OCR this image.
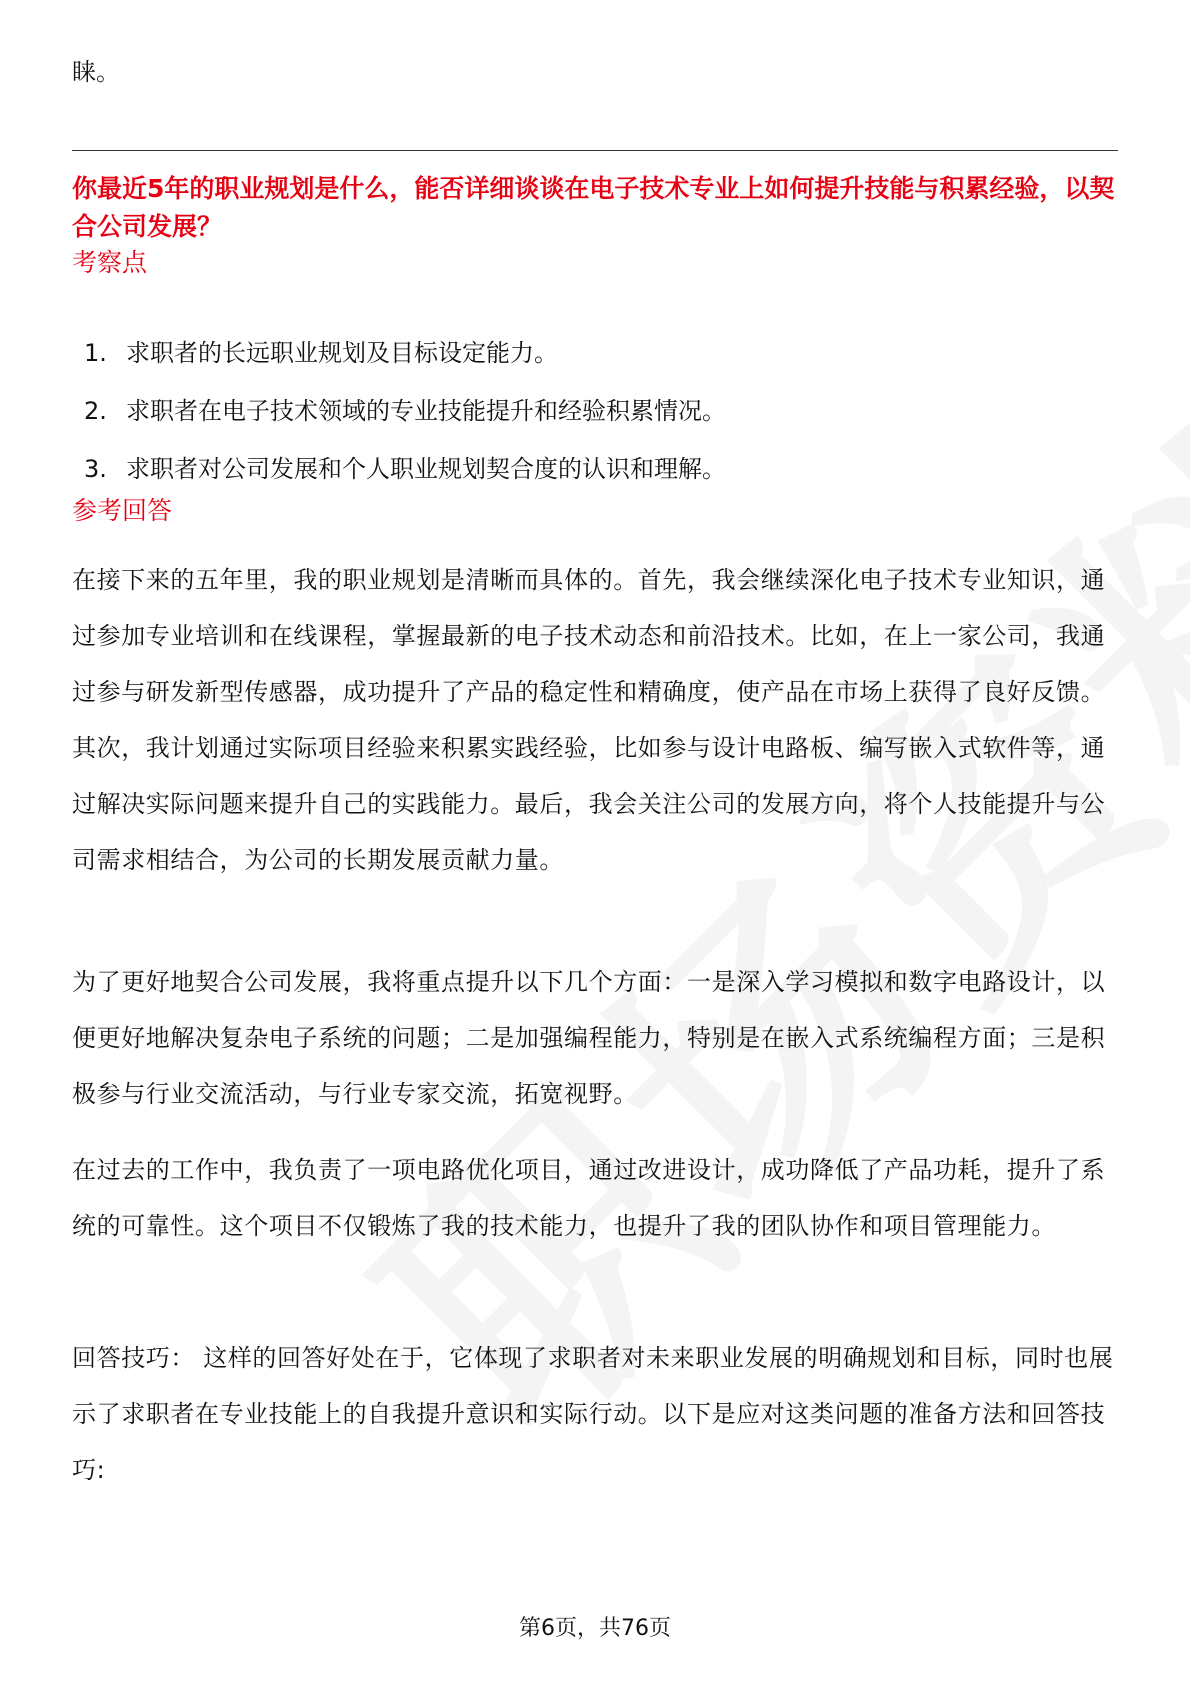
睐。
你最近5年的职业规划是什么，能否详细谈谈在电子技术专业上如何提升技能与积累经验，以契合公司发展？
考察点
1. 求职者的长远职业规划及目标设定能力。
2. 求职者在电子技术领域的专业技能提升和经验积累情况。
3. 求职者对公司发展和个人职业规划契合度的认识和理解。
参考回答

在接下来的五年里，我的职业规划是清晰而具体的。首先，我会继续深化电子技术专业知识，通过参加专业培训和在线课程，掌握最新的电子技术动态和前沿技术。比如，在上一家公司，我通过参与研发新型传感器，成功提升了产品的稳定性和精确度，使产品在市场上获得了良好反馈。其次，我计划通过实际项目经验来积累实践经验，比如参与设计电路板、编写嵌入式软件等，通过解决实际问题来提升自己的实践能力。最后，我会关注公司的发展方向，将个人技能提升与公司需求相结合，为公司的长期发展贡献力量。

为了更好地契合公司发展，我将重点提升以下几个方面：一是深入学习模拟和数字电路设计，以便更好地解决复杂电子系统的问题；二是加强编程能力，特别是在嵌入式系统编程方面；三是积极参与行业交流活动，与行业专家交流，拓宽视野。

在过去的工作中，我负责了一项电路优化项目，通过改进设计，成功降低了产品功耗，提升了系统的可靠性。这个项目不仅锻炼了我的技术能力，也提升了我的团队协作和项目管理能力。

回答技巧： 这样的回答好处在于，它体现了求职者对未来职业发展的明确规划和目标，同时也展示了求职者在专业技能上的自我提升意识和实际行动。以下是应对这类问题的准备方法和回答技巧:

第6页，共76页
